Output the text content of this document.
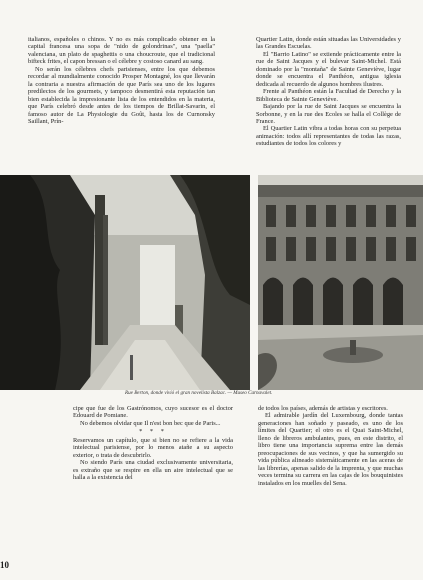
italianos, españoles o chinos. Y no es más complicado obtener en la capital francesa una sopa de "nido de golondrinas", una "paella" valenciana, un plato de spaghettis o una choucroute, que el tradicional bifteck frites, el capon bressan o el célebre y costoso canard au sang.

No serán los célebres chefs parisienses, entre los que debemos recordar al mundialmente conocido Prosper Montagné, los que llevarán la contraria a nuestra afirmación de que París sea uno de los lugares predilectos de los gourmets, y tampoco desmentirá esta reputación tan bien establecida la impresionante lista de los entendidos en la materia, que París celebró desde antes de los tiempos de Brillat-Savarin, el famoso autor de La Physiologie du Goût, hasta los de Curnonsky Saillant, Prín-

Quartier Latin, donde están situadas las Universidades y las Grandes Escuelas.

El "Barrio Latino" se extiende prácticamente entre la rue de Saint Jacques y el bulevar Saint-Michel. Está dominado por la "montaña" de Sainte Geneviève, lugar donde se encuentra el Panthéon, antigua iglesia dedicada al recuerdo de algunos hombres ilustres.

Frente al Panthéon están la Facultad de Derecho y la Biblioteca de Sainte Geneviève.

Bajando por la rue de Saint Jacques se encuentra la Sorbonne, y en la rue des Ecoles se halla el Collège de France.

El Quartier Latin vibra a todas horas con su perpetua animación: todos allí representantes de todas las razas, estudiantes de todos los colores y

Rue Berton, donde vivió el gran novelista Balzac. — Museo Carnavalet.

cipe que fue de los Gastrónomos, cuyo sucesor es el doctor Edouard de Pomiane.

No debemos olvidar que Il n'est bon bec que de Paris...

* * *

Reservamos un capítulo, que si bien no se refiere a la vida intelectual parisiense, por lo menos atañe a su aspecto exterior, o trata de descubrirlo.

No siendo París una ciudad exclusivamente universitaria, es extraño que se respire en ella un aire intelectual que se halla a la existencia del

de todos los países, además de artistas y escritores.

El admirable jardín del Luxembourg, donde tantas generaciones han soñado y paseado, es uno de los límites del Quartier; el otro es el Quai Saint-Michel, lleno de libreros ambulantes, pues, en este distrito, el libro tiene una importancia suprema entre las demás preocupaciones de sus vecinos, y que ha sumergido su vida pública alineado sistemáticamente en las aceras de las librerías, apenas salido de la imprenta, y que muchas veces termina su carrera en las cajas de los bouquinistes instalados en los muelles del Sena.

10
